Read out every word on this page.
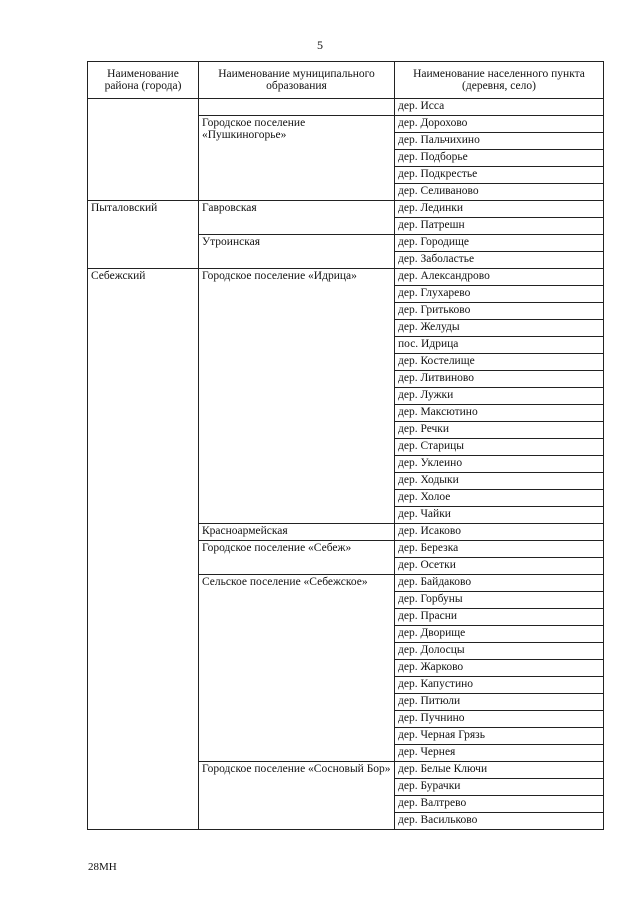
5
Наименование района (города)	Наименование муниципального образования	Наименование населенного пункта (деревня, село)
		дер. Исса
	Городское поселение «Пушкиногорье»	дер. Дорохово
		дер. Пальчихино
		дер. Подборье
		дер. Подкрестье
		дер. Селиваново
Пыталовский	Гавровская	дер. Лединки
		дер. Патрешн
	Утроинская	дер. Городище
		дер. Заболастье
Себежский	Городское поселение «Идрица»	дер. Александрово
		дер. Глухарево
		дер. Гритьково
		дер. Желуды
		пос. Идрица
		дер. Костелище
		дер. Литвиново
		дер. Лужки
		дер. Максютино
		дер. Речки
		дер. Старицы
		дер. Уклеино
		дер. Ходыки
		дер. Холое
		дер. Чайки
	Красноармейская	дер. Исаково
	Городское поселение «Себеж»	дер. Березка
		дер. Осетки
	Сельское поселение «Себежское»	дер. Байдаково
		дер. Горбуны
		дер. Прасни
		дер. Дворище
		дер. Долосцы
		дер. Жарково
		дер. Капустино
		дер. Питюли
		дер. Пучнино
		дер. Черная Грязь
		дер. Чернея
	Городское поселение «Сосновый Бор»	дер. Белые Ключи
		дер. Бурачки
		дер. Валтрево
		дер. Васильково
28МН
